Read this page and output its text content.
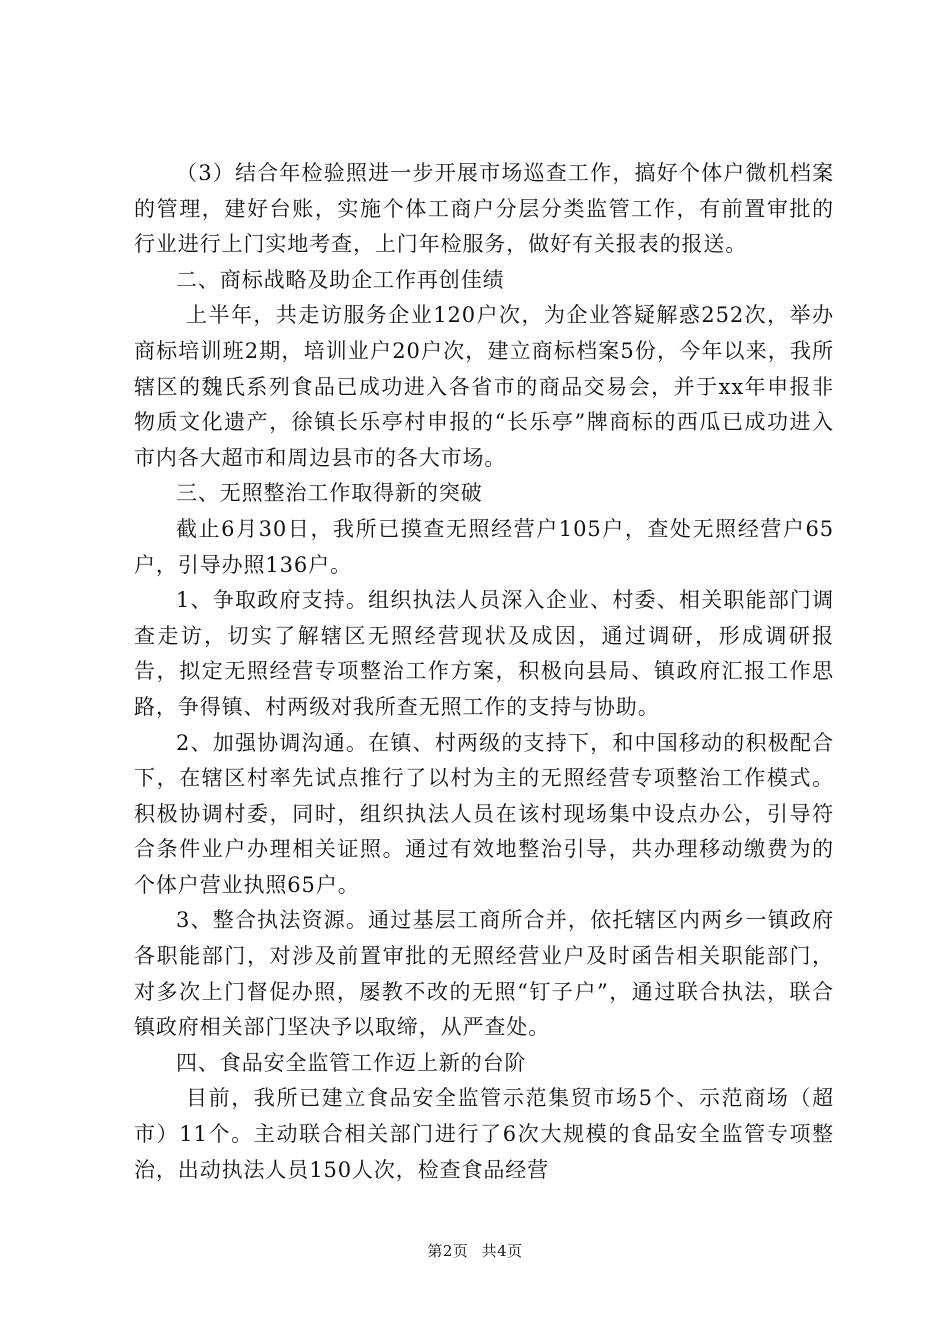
（3）结合年检验照进一步开展市场巡查工作，搞好个体户微机档案的管理，建好台账，实施个体工商户分层分类监管工作，有前置审批的行业进行上门实地考查，上门年检服务，做好有关报表的报送。

二、商标战略及助企工作再创佳绩

上半年，共走访服务企业120户次，为企业答疑解惑252次，举办商标培训班2期，培训业户20户次，建立商标档案5份，今年以来，我所辖区的魏氏系列食品已成功进入各省市的商品交易会，并于xx年申报非物质文化遗产，徐镇长乐亭村申报的“长乐亭”牌商标的西瓜已成功进入市内各大超市和周边县市的各大市场。

三、无照整治工作取得新的突破

截止6月30日，我所已摸查无照经营户105户，查处无照经营户65户，引导办照136户。

1、争取政府支持。组织执法人员深入企业、村委、相关职能部门调查走访，切实了解辖区无照经营现状及成因，通过调研，形成调研报告，拟定无照经营专项整治工作方案，积极向县局、镇政府汇报工作思路，争得镇、村两级对我所查无照工作的支持与协助。

2、加强协调沟通。在镇、村两级的支持下，和中国移动的积极配合下，在辖区村率先试点推行了以村为主的无照经营专项整治工作模式。积极协调村委，同时，组织执法人员在该村现场集中设点办公，引导符合条件业户办理相关证照。通过有效地整治引导，共办理移动缴费为的个体户营业执照65户。

3、整合执法资源。通过基层工商所合并，依托辖区内两乡一镇政府各职能部门，对涉及前置审批的无照经营业户及时函告相关职能部门，对多次上门督促办照，屡教不改的无照“钉子户”，通过联合执法，联合镇政府相关部门坚决予以取缔，从严查处。

四、食品安全监管工作迈上新的台阶

目前，我所已建立食品安全监管示范集贸市场5个、示范商场（超市）11个。主动联合相关部门进行了6次大规模的食品安全监管专项整治，出动执法人员150人次，检查食品经营

第2页 共4页
